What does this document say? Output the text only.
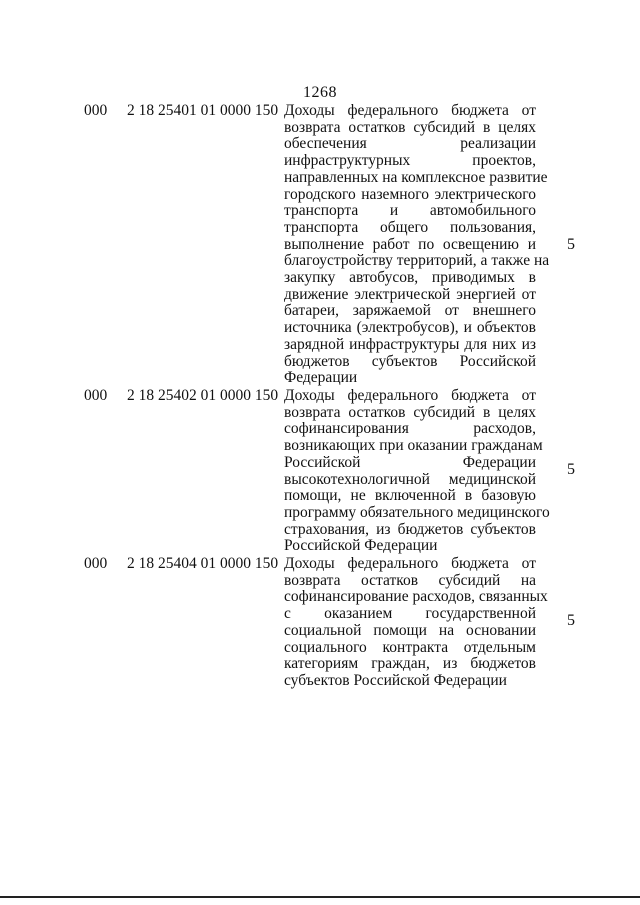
1268
000 2 18 25401 01 0000 150 Доходы федерального бюджета от
возврата остатков субсидий в целях
обеспечения реализации
инфраструктурных проектов,
направленных на комплексное развитие
городского наземного электрического
транспорта и автомобильного
транспорта общего пользования,
выполнение работ по освещению и
благоустройству территорий, а также на
закупку автобусов, приводимых в
движение электрической энергией от
батареи, заряжаемой от внешнего
источника (электробусов), и объектов
зарядной инфраструктуры для них из
бюджетов субъектов Российской
Федерации
5
000 2 18 25402 01 0000 150 Доходы федерального бюджета от
возврата остатков субсидий в целях
софинансирования расходов,
возникающих при оказании гражданам
Российской Федерации
высокотехнологичной медицинской
помощи, не включенной в базовую
программу обязательного медицинского
страхования, из бюджетов субъектов
Российской Федерации
5
000 2 18 25404 01 0000 150 Доходы федерального бюджета от
возврата остатков субсидий на
софинансирование расходов, связанных
с оказанием государственной
социальной помощи на основании
социального контракта отдельным
категориям граждан, из бюджетов
субъектов Российской Федерации
5
